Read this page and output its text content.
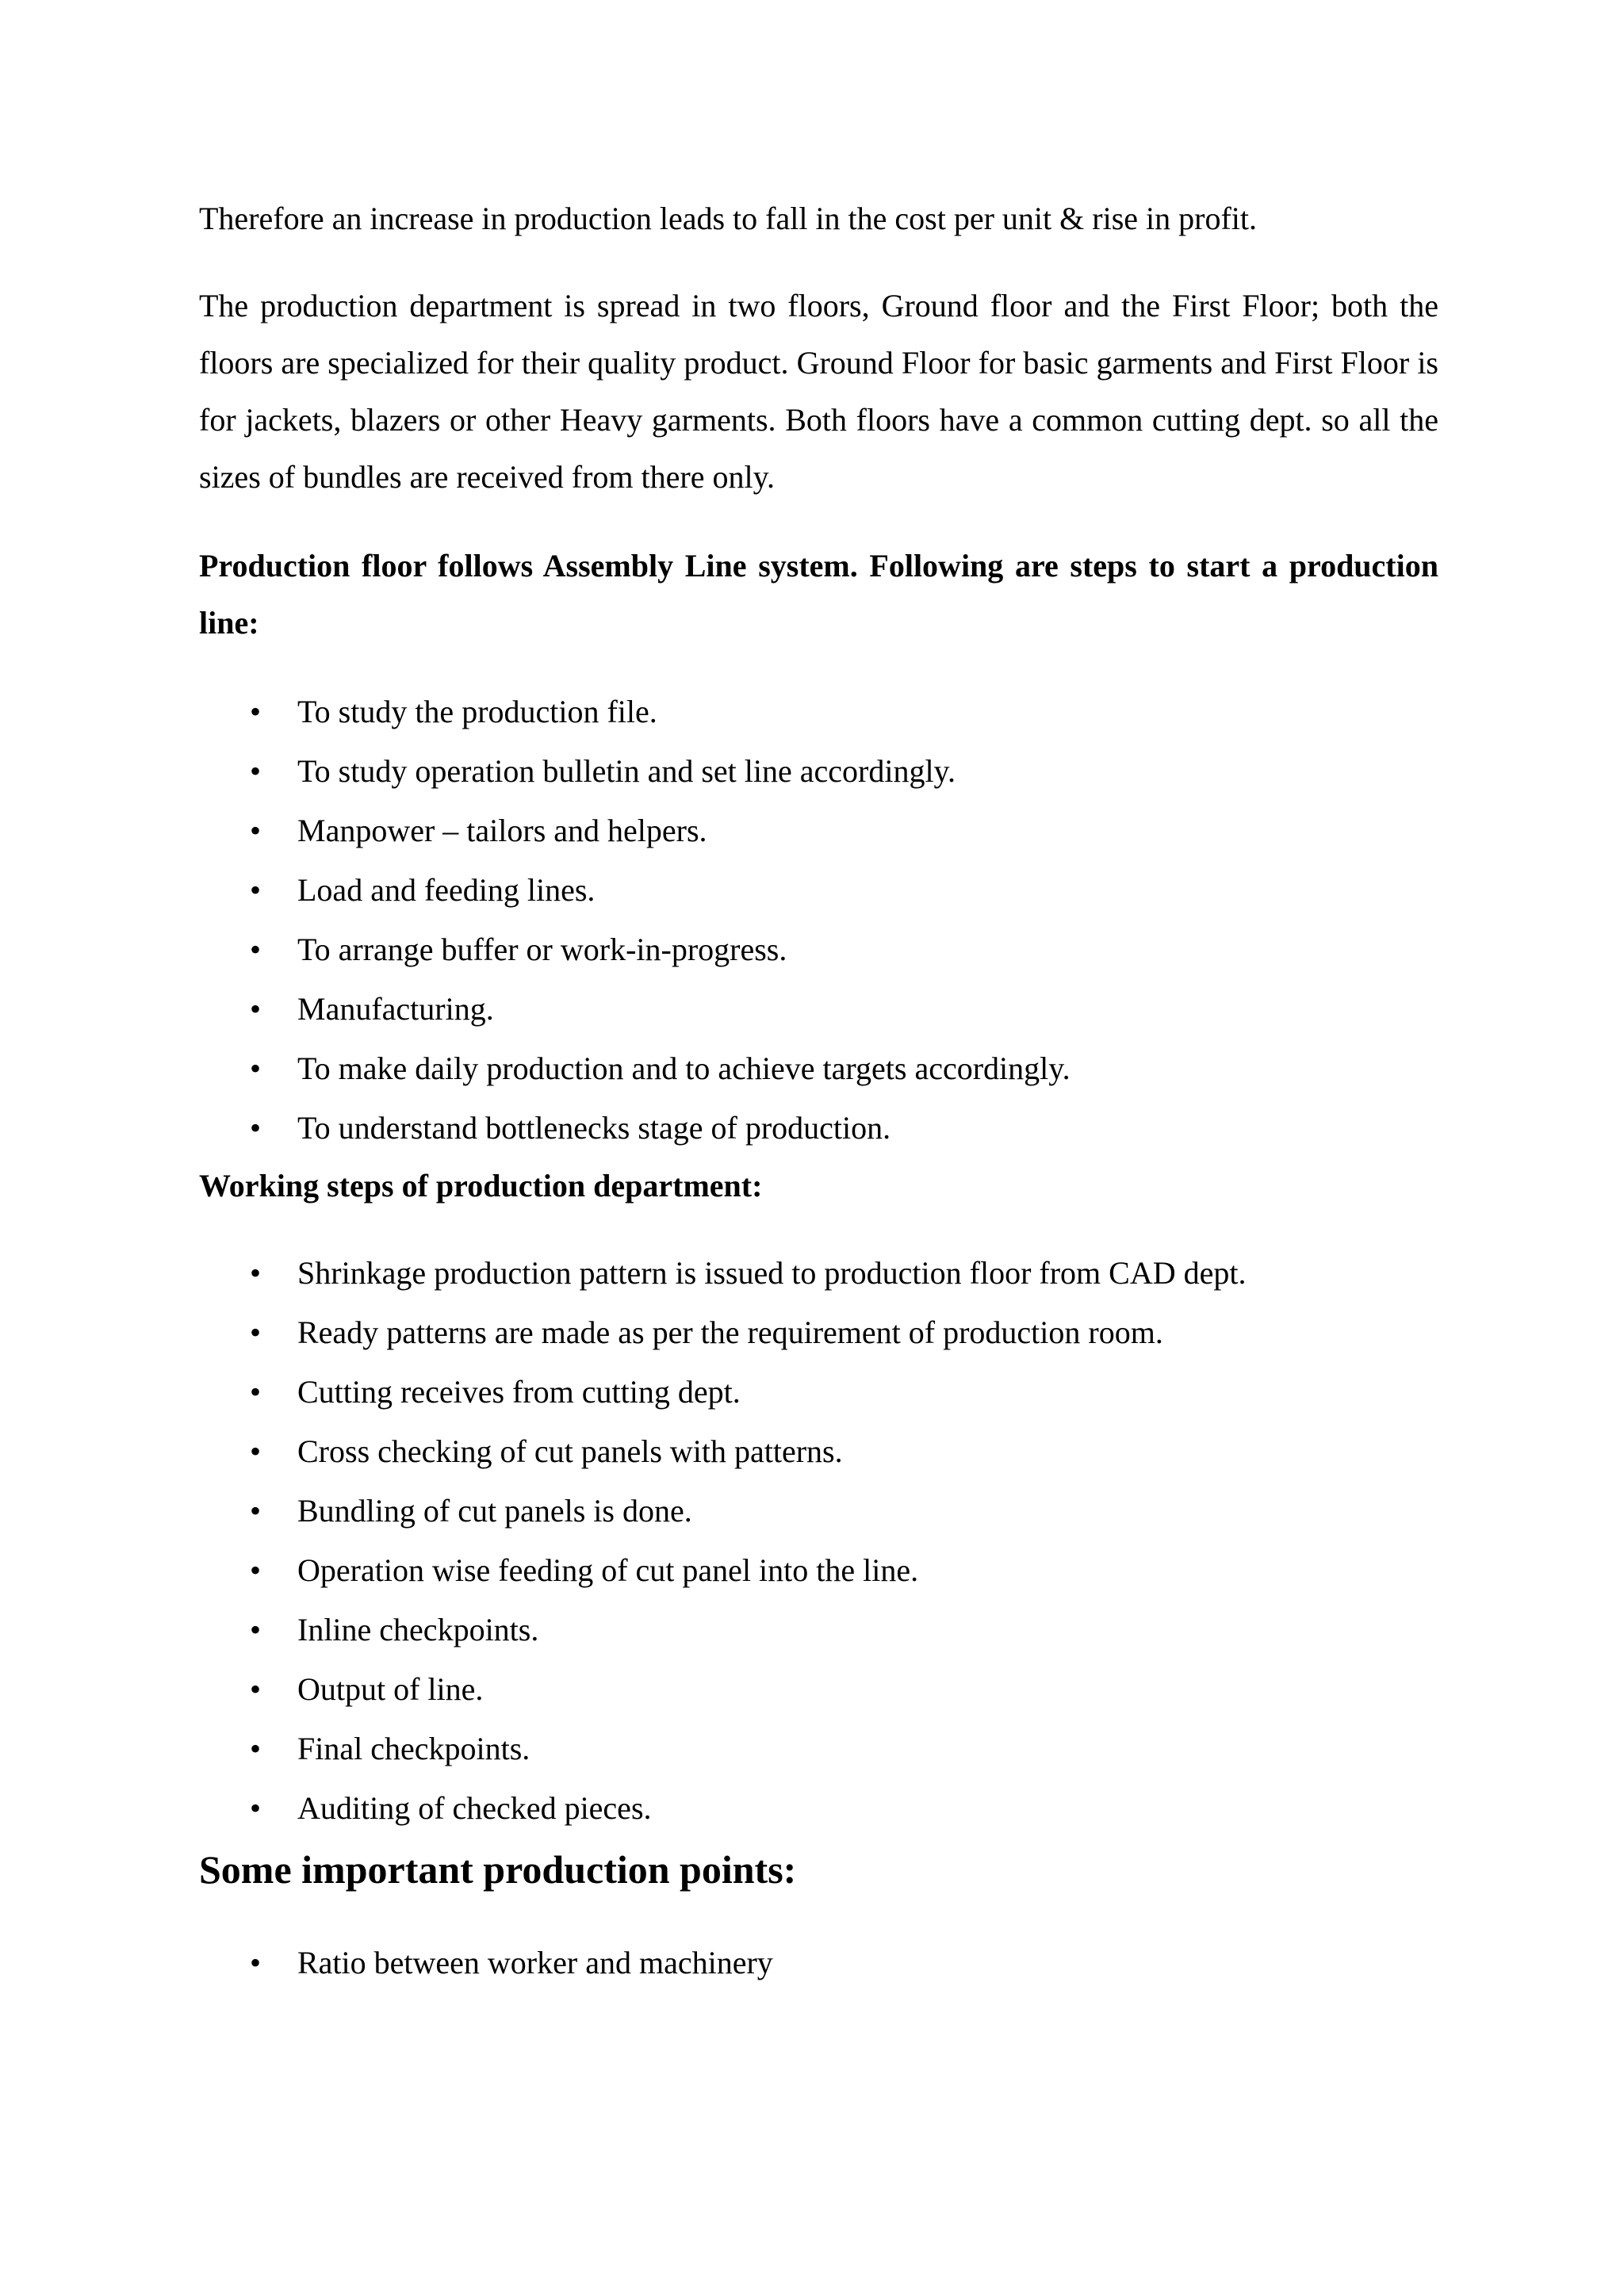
Therefore an increase in production leads to fall in the cost per unit & rise in profit.

The production department is spread in two floors, Ground floor and the First Floor; both the floors are specialized for their quality product. Ground Floor for basic garments and First Floor is for jackets, blazers or other Heavy garments. Both floors have a common cutting dept. so all the sizes of bundles are received from there only.

Production floor follows Assembly Line system. Following are steps to start a production line:

• To study the production file.
• To study operation bulletin and set line accordingly.
• Manpower – tailors and helpers.
• Load and feeding lines.
• To arrange buffer or work-in-progress.
• Manufacturing.
• To make daily production and to achieve targets accordingly.
• To understand bottlenecks stage of production.

Working steps of production department:

• Shrinkage production pattern is issued to production floor from CAD dept.
• Ready patterns are made as per the requirement of production room.
• Cutting receives from cutting dept.
• Cross checking of cut panels with patterns.
• Bundling of cut panels is done.
• Operation wise feeding of cut panel into the line.
• Inline checkpoints.
• Output of line.
• Final checkpoints.
• Auditing of checked pieces.
Some important production points:
• Ratio between worker and machinery
